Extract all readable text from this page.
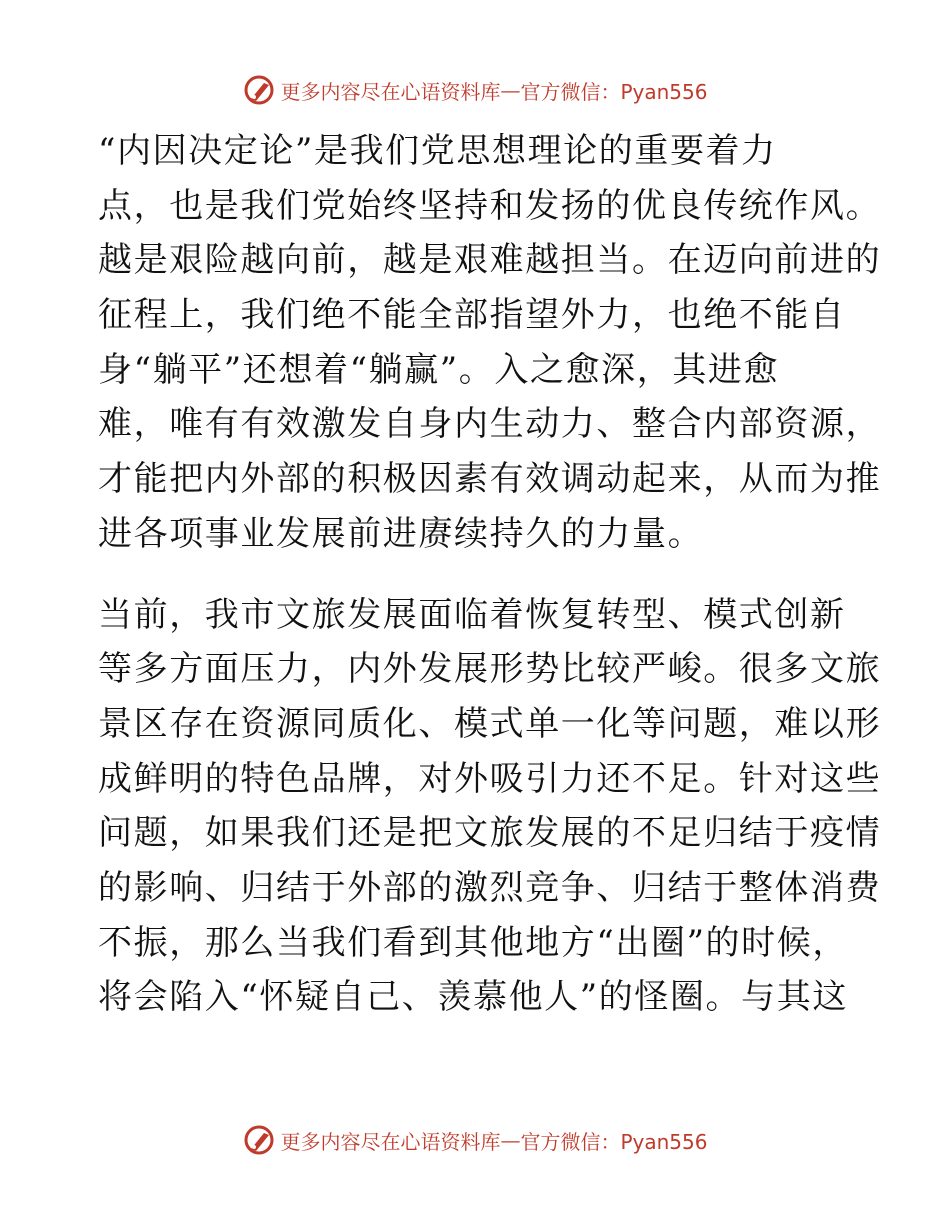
更多内容尽在心语资料库 — 官方微信：Pyan556
“内因决定论”是我们党思想理论的重要着力
点，也是我们党始终坚持和发扬的优良传统作风。
越是艰险越向前，越是艰难越担当。在迈向前进的
征程上，我们绝不能全部指望外力，也绝不能自
身“躺平”还想着“躺赢”。入之愈深，其进愈
难，唯有有效激发自身内生动力、整合内部资源，
才能把内外部的积极因素有效调动起来，从而为推
进各项事业发展前进赓续持久的力量。
当前，我市文旅发展面临着恢复转型、模式创新
等多方面压力，内外发展形势比较严峻。很多文旅
景区存在资源同质化、模式单一化等问题，难以形
成鲜明的特色品牌，对外吸引力还不足。针对这些
问题，如果我们还是把文旅发展的不足归结于疫情
的影响、归结于外部的激烈竞争、归结于整体消费
不振，那么当我们看到其他地方“出圈”的时候，
将会陷入“怀疑自己、羡慕他人”的怪圈。与其这
更多内容尽在心语资料库 — 官方微信：Pyan556
